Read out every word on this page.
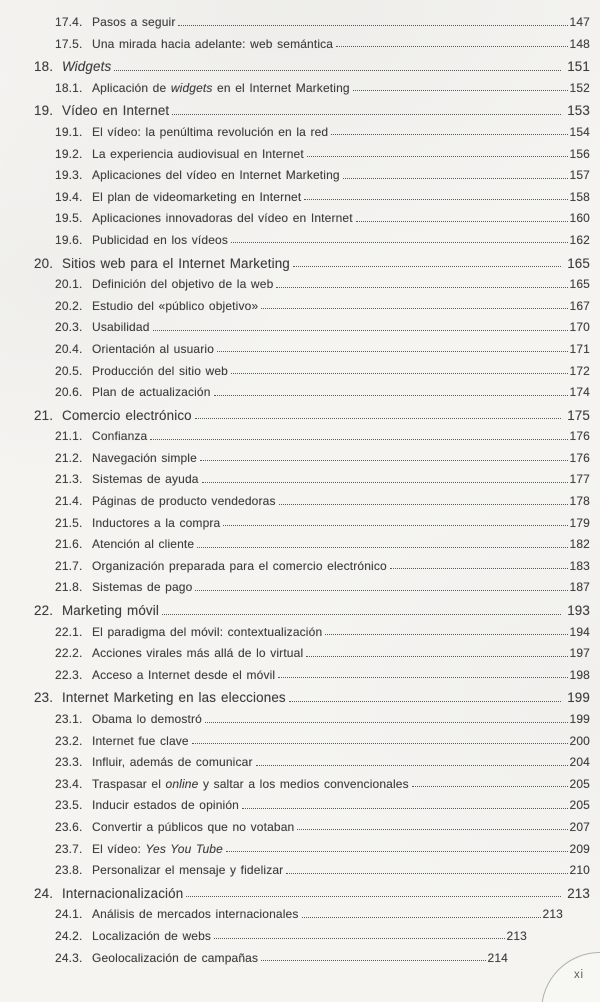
17.4. Pasos a seguir	147
17.5. Una mirada hacia adelante: web semántica	148
18. Widgets	151
18.1. Aplicación de widgets en el Internet Marketing	152
19. Vídeo en Internet	153
19.1. El vídeo: la penúltima revolución en la red	154
19.2. La experiencia audiovisual en Internet	156
19.3. Aplicaciones del vídeo en Internet Marketing	157
19.4. El plan de videomarketing en Internet	158
19.5. Aplicaciones innovadoras del vídeo en Internet	160
19.6. Publicidad en los vídeos	162
20. Sitios web para el Internet Marketing	165
20.1. Definición del objetivo de la web	165
20.2. Estudio del «público objetivo»	167
20.3. Usabilidad	170
20.4. Orientación al usuario	171
20.5. Producción del sitio web	172
20.6. Plan de actualización	174
21. Comercio electrónico	175
21.1. Confianza	176
21.2. Navegación simple	176
21.3. Sistemas de ayuda	177
21.4. Páginas de producto vendedoras	178
21.5. Inductores a la compra	179
21.6. Atención al cliente	182
21.7. Organización preparada para el comercio electrónico	183
21.8. Sistemas de pago	187
22. Marketing móvil	193
22.1. El paradigma del móvil: contextualización	194
22.2. Acciones virales más allá de lo virtual	197
22.3. Acceso a Internet desde el móvil	198
23. Internet Marketing en las elecciones	199
23.1. Obama lo demostró	199
23.2. Internet fue clave	200
23.3. Influir, además de comunicar	204
23.4. Traspasar el online y saltar a los medios convencionales	205
23.5. Inducir estados de opinión	205
23.6. Convertir a públicos que no votaban	207
23.7. El vídeo: Yes You Tube	209
23.8. Personalizar el mensaje y fidelizar	210
24. Internacionalización	213
24.1. Análisis de mercados internacionales	213
24.2. Localización de webs	213
24.3. Geolocalización de campañas	214
xi
